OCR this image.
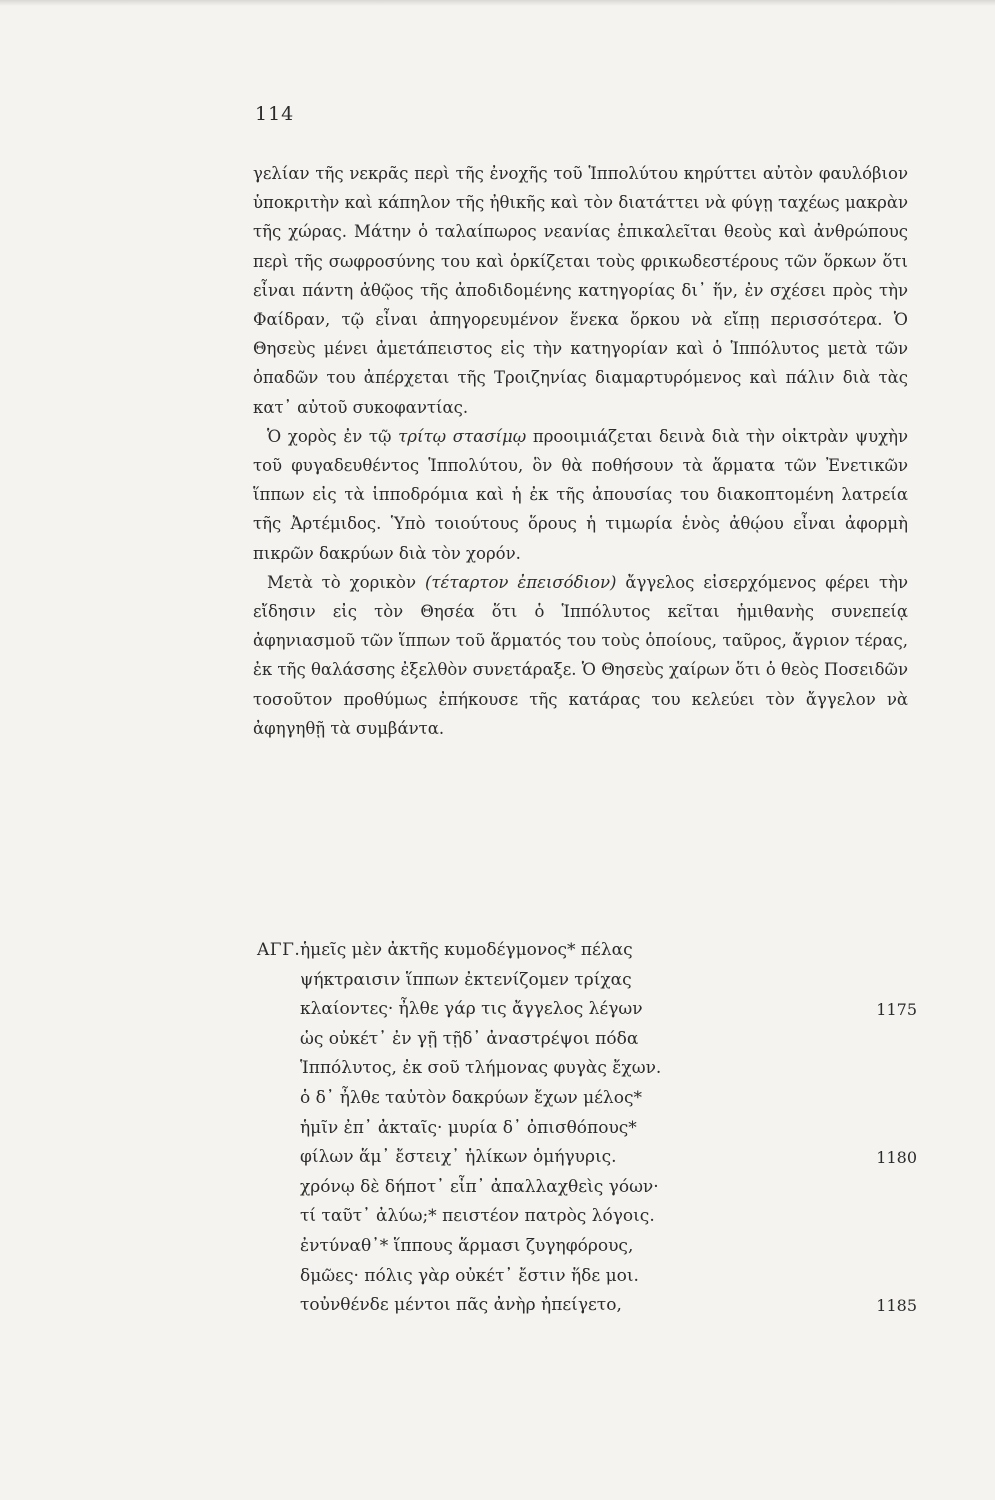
114

γελίαν τῆς νεκρᾶς περὶ τῆς ἐνοχῆς τοῦ Ἱππολύτου κηρύττει αὐτὸν φαυλόβιον ὑποκριτὴν καὶ κάπηλον τῆς ἠθικῆς καὶ τὸν διατάττει νὰ φύγῃ ταχέως μακρὰν τῆς χώρας. Μάτην ὁ ταλαίπωρος νεανίας ἐπικαλεῖται θεοὺς καὶ ἀνθρώπους περὶ τῆς σωφροσύνης του καὶ ὁρκίζεται τοὺς φρικωδεστέρους τῶν ὅρκων ὅτι εἶναι πάντη ἀθῷος τῆς ἀποδιδομένης κατηγορίας δι᾽ ἥν, ἐν σχέσει πρὸς τὴν Φαίδραν, τῷ εἶναι ἀπηγορευμένον ἕνεκα ὅρκου νὰ εἴπῃ περισσότερα. Ὁ Θησεὺς μένει ἀμετάπειστος εἰς τὴν κατηγορίαν καὶ ὁ Ἱππόλυτος μετὰ τῶν ὀπαδῶν του ἀπέρχεται τῆς Τροιζηνίας διαμαρτυρόμενος καὶ πάλιν διὰ τὰς κατ᾽ αὐτοῦ συκοφαντίας.

Ὁ χορὸς ἐν τῷ τρίτῳ στασίμῳ προοιμιάζεται δεινὰ διὰ τὴν οἰκτρὰν ψυχὴν τοῦ φυγαδευθέντος Ἱππολύτου, ὃν θὰ ποθήσουν τὰ ἅρματα τῶν Ἐνετικῶν ἵππων εἰς τὰ ἱπποδρόμια καὶ ἡ ἐκ τῆς ἀπουσίας του διακοπτομένη λατρεία τῆς Ἀρτέμιδος. Ὑπὸ τοιούτους ὅρους ἡ τιμωρία ἑνὸς ἀθῴου εἶναι ἀφορμὴ πικρῶν δακρύων διὰ τὸν χορόν.

Μετὰ τὸ χορικὸν (τέταρτον ἐπεισόδιον) ἄγγελος εἰσερχόμενος φέρει τὴν εἴδησιν εἰς τὸν Θησέα ὅτι ὁ Ἱππόλυτος κεῖται ἡμιθανὴς συνεπείᾳ ἀφηνιασμοῦ τῶν ἵππων τοῦ ἅρματός του τοὺς ὁποίους, ταῦρος, ἄγριον τέρας, ἐκ τῆς θαλάσσης ἐξελθὸν συνετάραξε. Ὁ Θησεὺς χαίρων ὅτι ὁ θεὸς Ποσειδῶν τοσοῦτον προθύμως ἐπήκουσε τῆς κατάρας του κελεύει τὸν ἄγγελον νὰ ἀφηγηθῇ τὰ συμβάντα.

ΑΓΓ. ἡμεῖς μὲν ἀκτῆς κυμοδέγμονος* πέλας
ψήκτραισιν ἵππων ἐκτενίζομεν τρίχας
κλαίοντες· ἦλθε γάρ τις ἄγγελος λέγων	1175
ὡς οὐκέτ᾽ ἐν γῇ τῇδ᾽ ἀναστρέψοι πόδα
Ἱππόλυτος, ἐκ σοῦ τλήμονας φυγὰς ἔχων.
ὁ δ᾽ ἦλθε ταὐτὸν δακρύων ἔχων μέλος*
ἡμῖν ἐπ᾽ ἀκταῖς· μυρία δ᾽ ὀπισθόπους*
φίλων ἅμ᾽ ἔστειχ᾽ ἡλίκων ὁμήγυρις.	1180
χρόνῳ δὲ δήποτ᾽ εἶπ᾽ ἀπαλλαχθεὶς γόων·
τί ταῦτ᾽ ἀλύω;* πειστέον πατρὸς λόγοις.
ἐντύναθ᾽* ἵππους ἅρμασι ζυγηφόρους,
δμῶες· πόλις γὰρ οὐκέτ᾽ ἔστιν ἥδε μοι.
τοὐνθένδε μέντοι πᾶς ἀνὴρ ἠπείγετο,	1185
